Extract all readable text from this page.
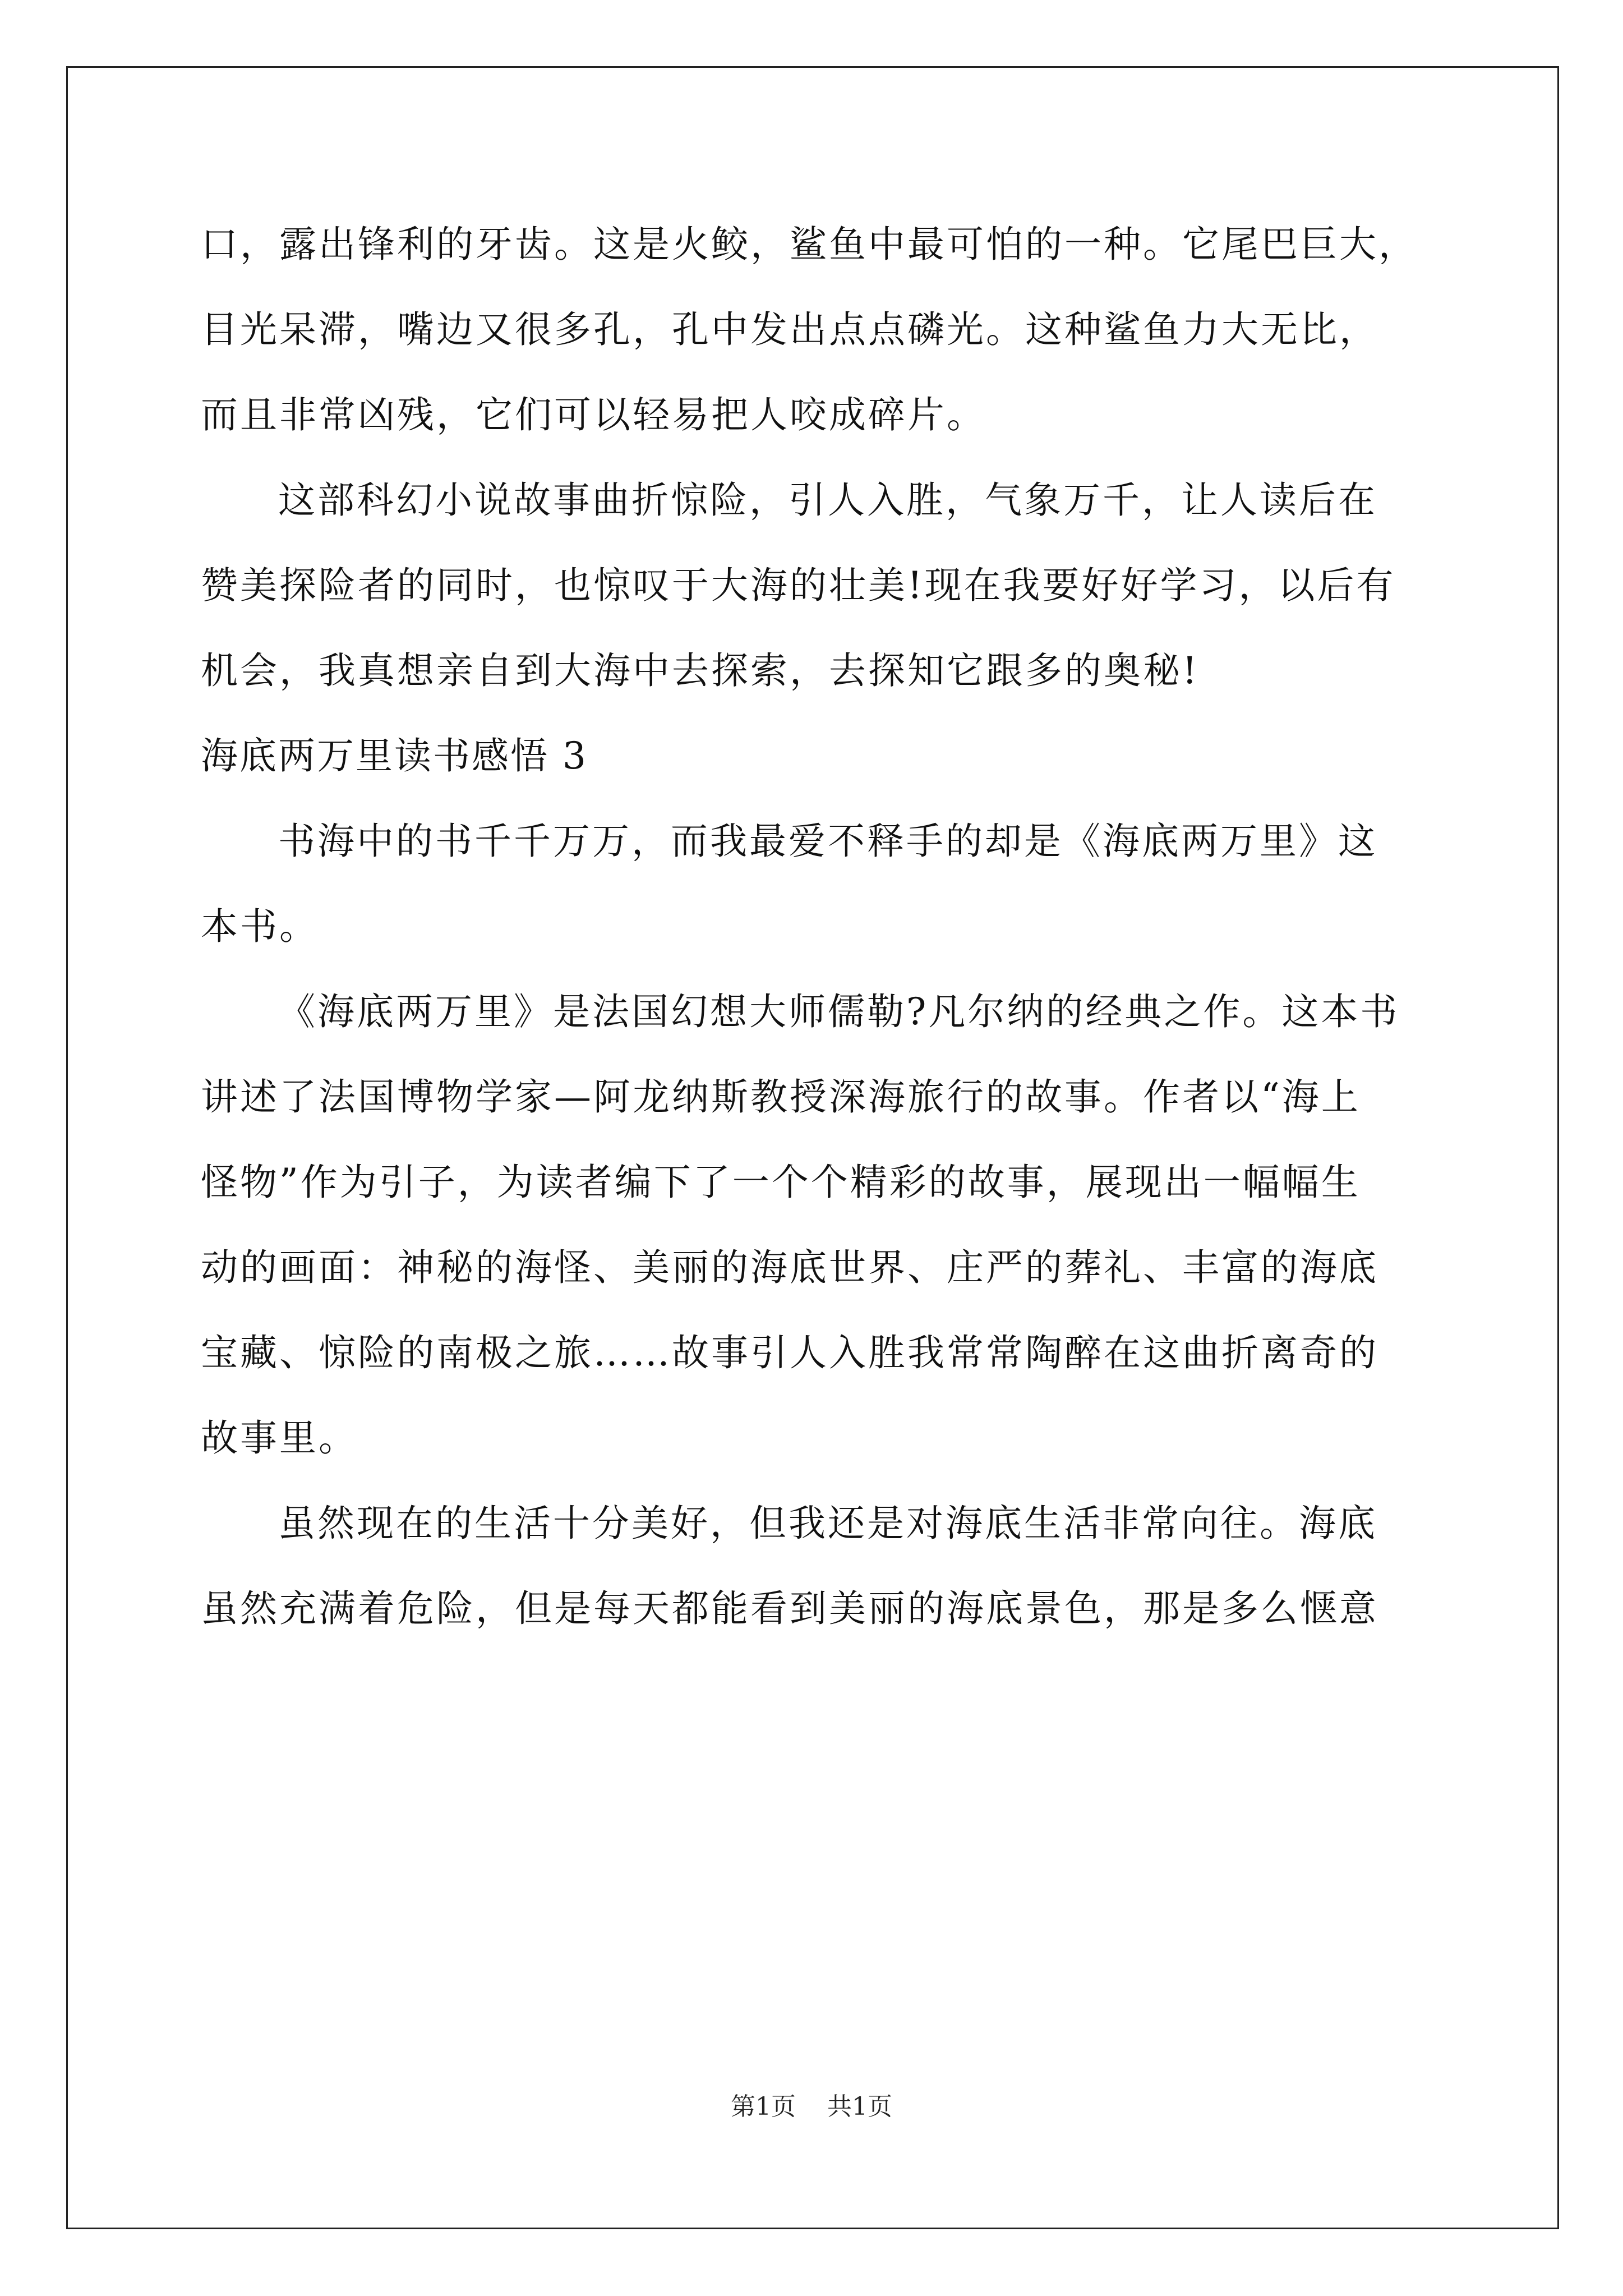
口，露出锋利的牙齿。这是火鲛，鲨鱼中最可怕的一种。它尾巴巨大，
目光呆滞，嘴边又很多孔，孔中发出点点磷光。这种鲨鱼力大无比，
而且非常凶残，它们可以轻易把人咬成碎片。
这部科幻小说故事曲折惊险，引人入胜，气象万千，让人读后在
赞美探险者的同时，也惊叹于大海的壮美!现在我要好好学习，以后有
机会，我真想亲自到大海中去探索，去探知它跟多的奥秘!
海底两万里读书感悟 3
书海中的书千千万万，而我最爱不释手的却是《海底两万里》这
本书。
《海底两万里》是法国幻想大师儒勒?凡尔纳的经典之作。这本书
讲述了法国博物学家—阿龙纳斯教授深海旅行的故事。作者以“海上
怪物”作为引子，为读者编下了一个个精彩的故事，展现出一幅幅生
动的画面：神秘的海怪、美丽的海底世界、庄严的葬礼、丰富的海底
宝藏、惊险的南极之旅……故事引人入胜我常常陶醉在这曲折离奇的
故事里。
虽然现在的生活十分美好，但我还是对海底生活非常向往。海底
虽然充满着危险，但是每天都能看到美丽的海底景色，那是多么惬意
第1页 共1页
